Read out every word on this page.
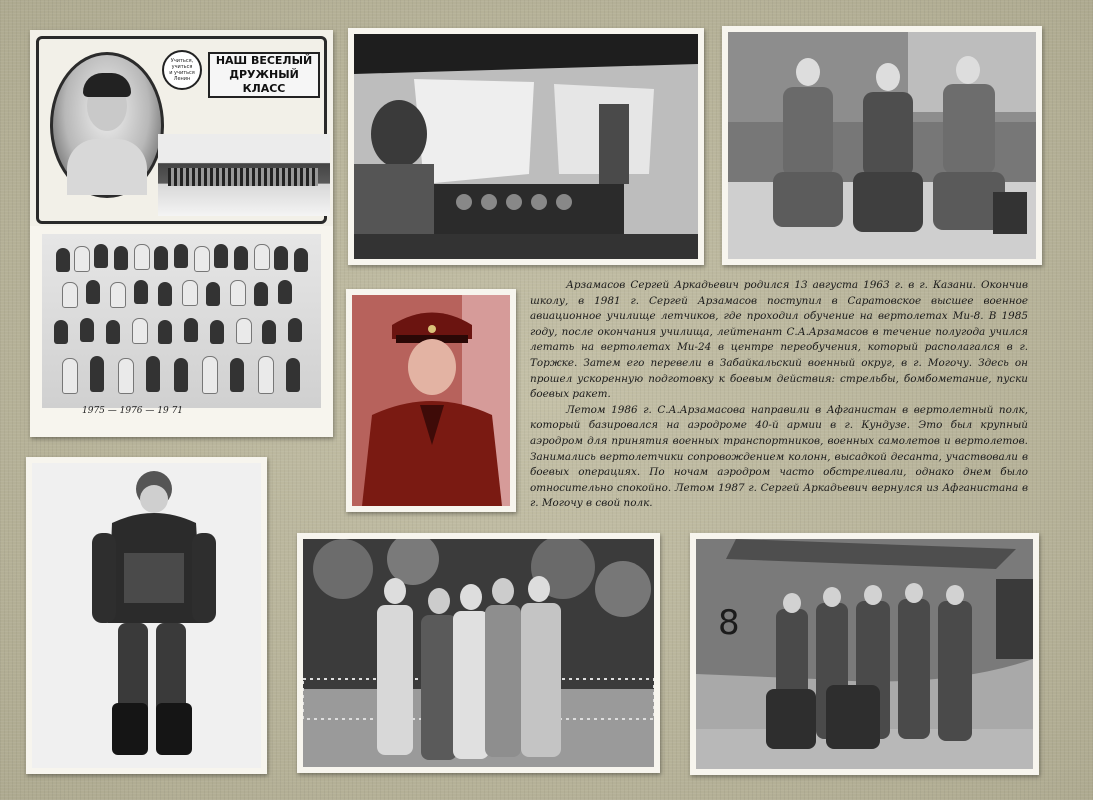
Учиться,
учиться
и учиться
Ленин
НАШ ВЕСЕЛЫЙ
ДРУЖНЫЙ КЛАСС
1975 — 1976 — 19 71

Арзамасов Сергей Аркадьевич родился 13 августа 1963 г. в г. Казани. Окончив школу, в 1981 г. Сергей Арзамасов поступил в Саратовское высшее военное авиационное училище летчиков, где проходил обучение на вертолетах Ми-8. В 1985 году, после окончания училища, лейтенант С.А.Арзамасов в течение полугода учился летать на вертолетах Ми-24 в центре переобучения, который располагался в г. Торжке. Затем его перевели в Забайкальский военный округ, в г. Могочу. Здесь он прошел ускоренную подготовку к боевым действия: стрельбы, бомбометание, пуски боевых ракет.

Летом 1986 г. С.А.Арзамасова направили в Афганистан в вертолетный полк, который базировался на аэродроме 40-й армии в г. Кундузе. Это был крупный аэродром для принятия военных транспортников, военных самолетов и вертолетов. Занимались вертолетчики сопровождением колонн, высадкой десанта, участвовали в боевых операциях. По ночам аэродром часто обстреливали, однако днем было относительно спокойно. Летом 1987 г. Сергей Аркадьевич вернулся из Афганистана в г. Могочу в свой полк.

8
